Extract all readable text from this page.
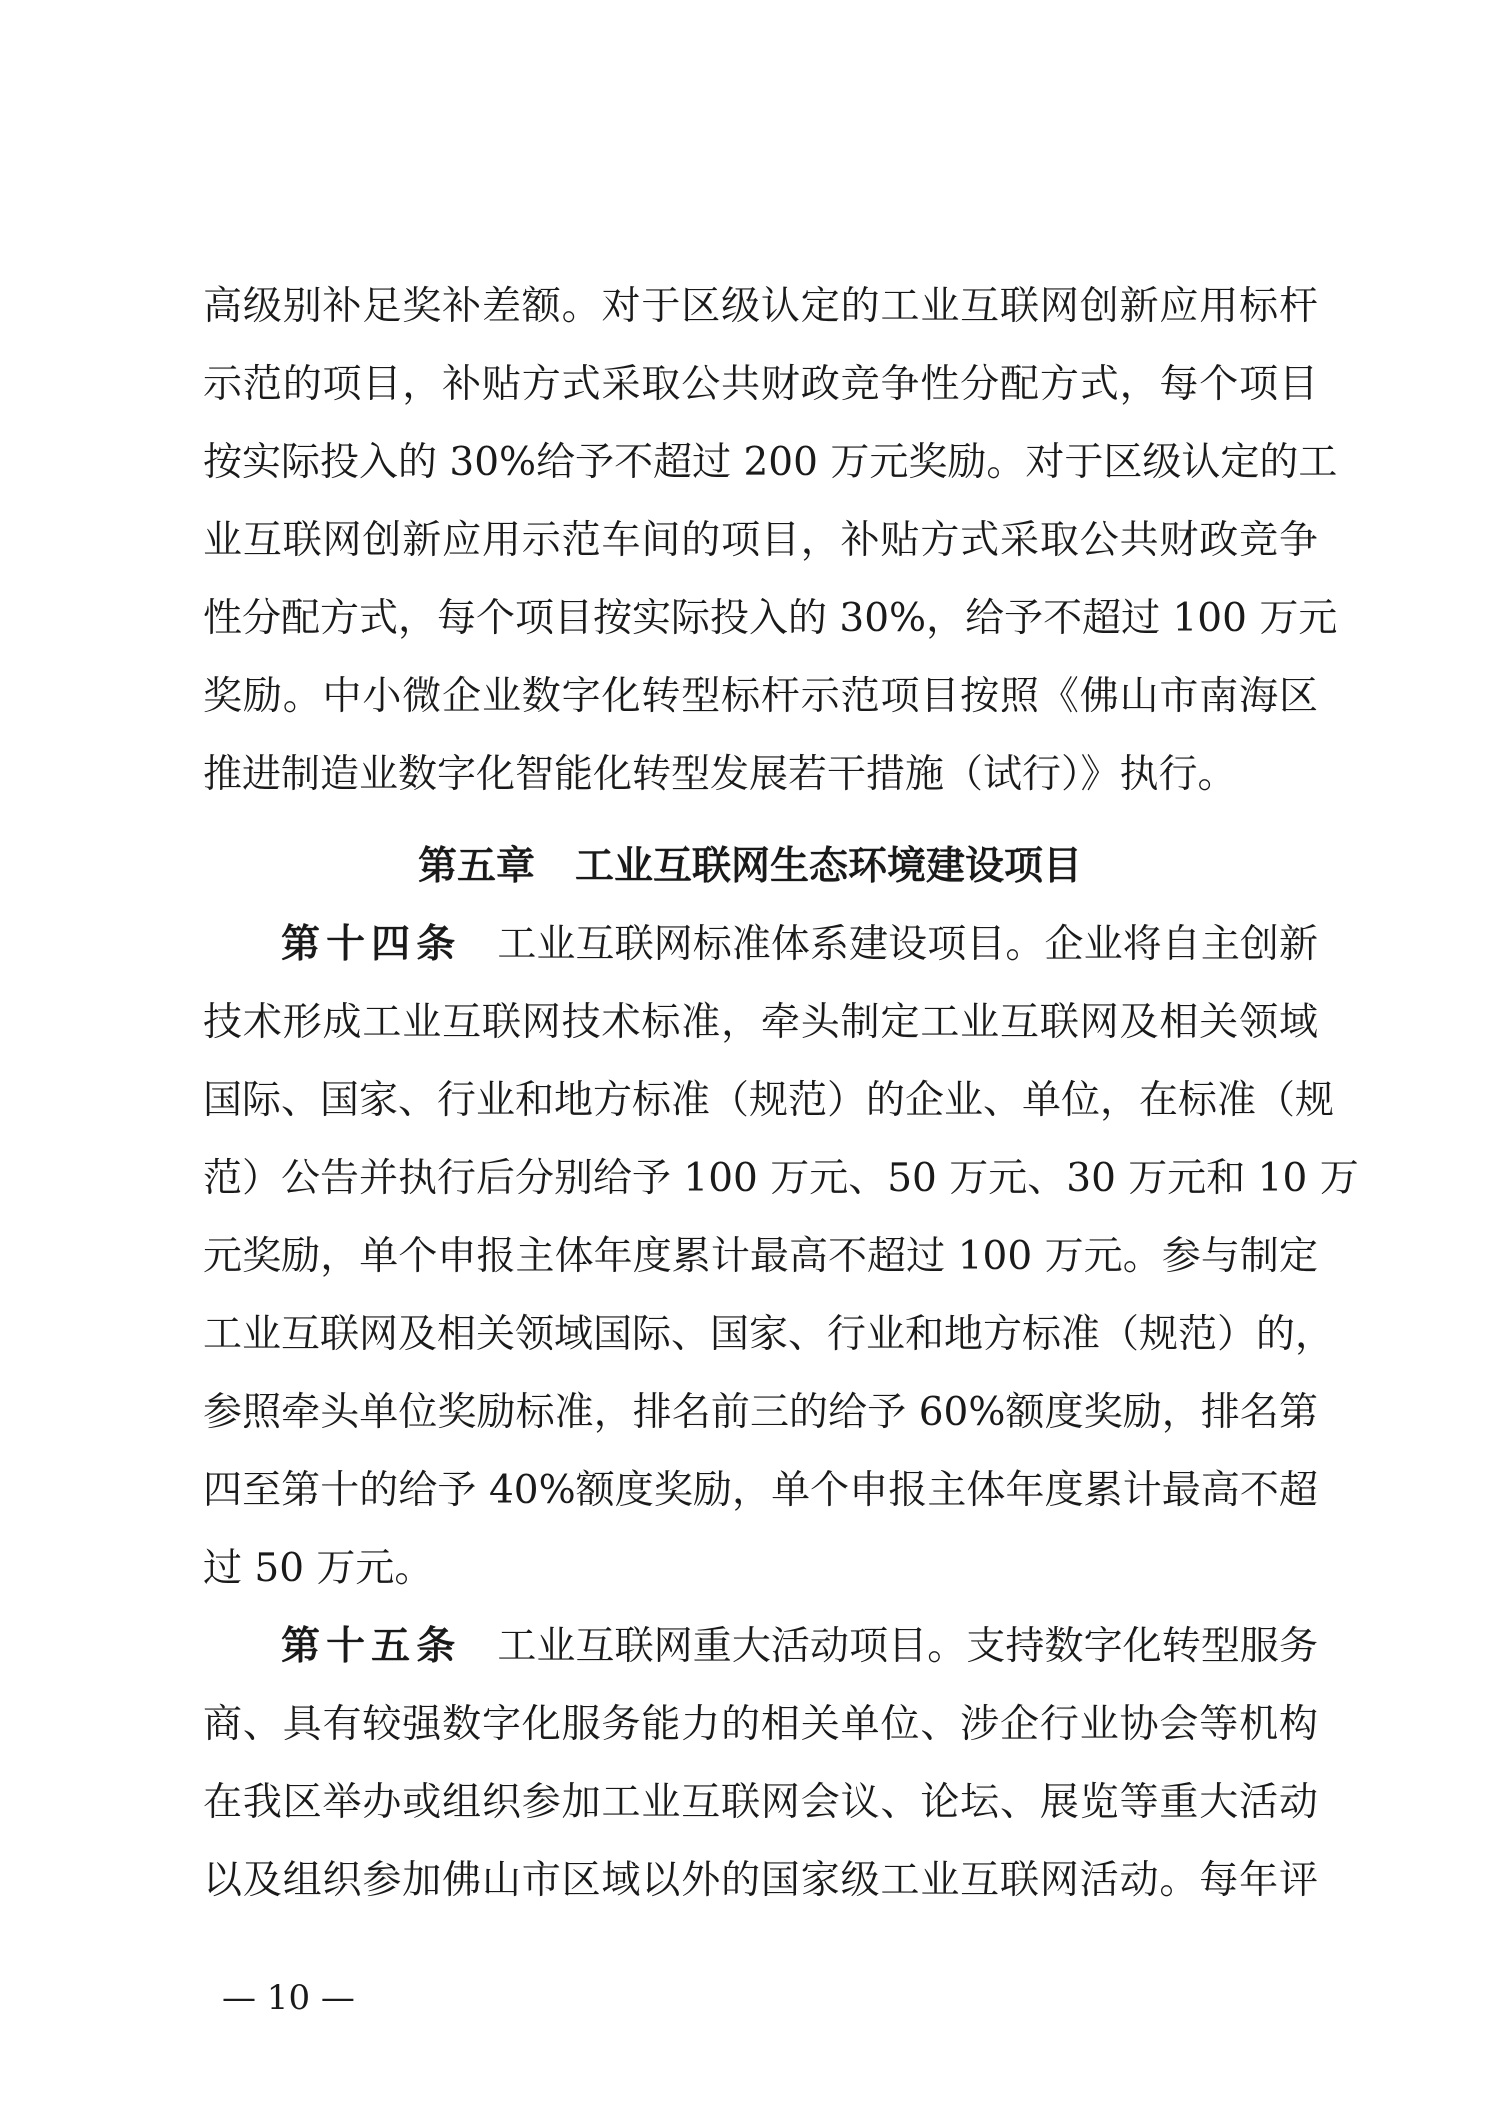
高级别补足奖补差额。对于区级认定的工业互联网创新应用标杆
示范的项目，补贴方式采取公共财政竞争性分配方式，每个项目
按实际投入的 30%给予不超过 200 万元奖励。对于区级认定的工
业互联网创新应用示范车间的项目，补贴方式采取公共财政竞争
性分配方式，每个项目按实际投入的 30%，给予不超过 100 万元
奖励。中小微企业数字化转型标杆示范项目按照《佛山市南海区
推进制造业数字化智能化转型发展若干措施（试行）》执行。
第五章 工业互联网生态环境建设项目
第十四条 工业互联网标准体系建设项目。企业将自主创新
技术形成工业互联网技术标准，牵头制定工业互联网及相关领域
国际、国家、行业和地方标准（规范）的企业、单位，在标准（规
范）公告并执行后分别给予 100 万元、50 万元、30 万元和 10 万
元奖励，单个申报主体年度累计最高不超过 100 万元。参与制定
工业互联网及相关领域国际、国家、行业和地方标准（规范）的，
参照牵头单位奖励标准，排名前三的给予 60%额度奖励，排名第
四至第十的给予 40%额度奖励，单个申报主体年度累计最高不超
过 50 万元。
第十五条 工业互联网重大活动项目。支持数字化转型服务
商、具有较强数字化服务能力的相关单位、涉企行业协会等机构
在我区举办或组织参加工业互联网会议、论坛、展览等重大活动
以及组织参加佛山市区域以外的国家级工业互联网活动。每年评
— 10 —
